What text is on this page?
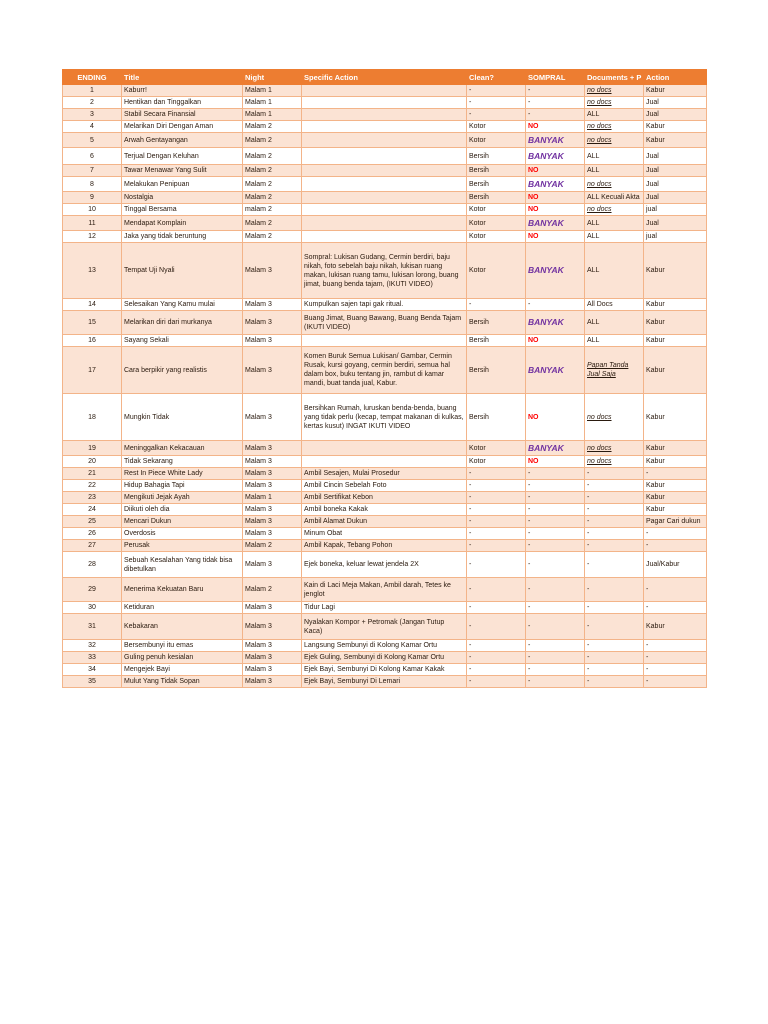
ENDING	Title	Night	Specific Action	Clean?	SOMPRAL	Documents + P	Action
1	Kaburr!	Malam 1		-	-	no docs	Kabur
2	Hentikan dan Tinggalkan	Malam 1		-	-	no docs	Jual
3	Stabil Secara Finansial	Malam 1		-	-	ALL	Jual
4	Melarikan Diri Dengan Aman	Malam 2		Kotor	NO	no docs	Kabur
5	Arwah Gentayangan	Malam 2		Kotor	BANYAK	no docs	Kabur
6	Terjual Dengan Keluhan	Malam 2		Bersih	BANYAK	ALL	Jual
7	Tawar Menawar Yang Sulit	Malam 2		Bersih	NO	ALL	Jual
8	Melakukan Penipuan	Malam 2		Bersih	BANYAK	no docs	Jual
9	Nostalgia	Malam 2		Bersih	NO	ALL Kecuali Akta	Jual
10	Tinggal Bersama	malam 2		Kotor	NO	no docs	jual
11	Mendapat Komplain	Malam 2		Kotor	BANYAK	ALL	Jual
12	Jaka yang tidak beruntung	Malam 2		Kotor	NO	ALL	jual
13	Tempat Uji Nyali	Malam 3	Sompral: Lukisan Gudang, Cermin berdiri, baju nikah, foto sebelah baju nikah, lukisan ruang makan, lukisan ruang tamu, lukisan lorong, buang jimat, buang benda tajam, (IKUTI VIDEO)	Kotor	BANYAK	ALL	Kabur
14	Selesaikan Yang Kamu mulai	Malam 3	Kumpulkan sajen tapi gak ritual.	-	-	All Docs	Kabur
15	Melarikan diri dari murkanya	Malam 3	Buang Jimat, Buang Bawang, Buang Benda Tajam (IKUTI VIDEO)	Bersih	BANYAK	ALL	Kabur
16	Sayang Sekali	Malam 3		Bersih	NO	ALL	Kabur
17	Cara berpikir yang realistis	Malam 3	Komen Buruk Semua Lukisan/ Gambar, Cermin Rusak, kursi goyang, cermin berdiri, semua hal dalam box, buku tentang jin, rambut di kamar mandi, buat tanda jual, Kabur.	Bersih	BANYAK	Papan Tanda Jual Saja	Kabur
18	Mungkin Tidak	Malam 3	Bersihkan Rumah, luruskan benda-benda, buang yang tidak perlu (kecap, tempat makanan di kulkas, kertas kusut) INGAT IKUTI VIDEO	Bersih	NO	no docs	Kabur
19	Meninggalkan Kekacauan	Malam 3		Kotor	BANYAK	no docs	Kabur
20	Tidak Sekarang	Malam 3		Kotor	NO	no docs	Kabur
21	Rest In Piece White Lady	Malam 3	Ambil Sesajen, Mulai Prosedur	-	-	-	-
22	Hidup Bahagia Tapi	Malam 3	Ambil Cincin Sebelah Foto	-	-	-	Kabur
23	Mengikuti Jejak Ayah	Malam 1	Ambil Sertifikat Kebon	-	-	-	Kabur
24	Diikuti oleh dia	Malam 3	Ambil boneka Kakak	-	-	-	Kabur
25	Mencari Dukun	Malam 3	Ambil Alamat Dukun	-	-	-	Pagar Cari dukun
26	Overdosis	Malam 3	Minum Obat	-	-	-	-
27	Perusak	Malam 2	Ambil Kapak, Tebang Pohon	-	-	-	-
28	Sebuah Kesalahan Yang tidak bisa dibetulkan	Malam 3	Ejek boneka, keluar lewat jendela 2X	-	-	-	Jual/Kabur
29	Menerima Kekuatan Baru	Malam 2	Kain di Laci Meja Makan, Ambil darah, Tetes ke jenglot	-	-	-	-
30	Ketiduran	Malam 3	Tidur Lagi	-	-	-	-
31	Kebakaran	Malam 3	Nyalakan Kompor + Petromak (Jangan Tutup Kaca)	-	-	-	Kabur
32	Bersembunyi itu emas	Malam 3	Langsung Sembunyi di Kolong Kamar Ortu	-	-	-	-
33	Guling penuh kesialan	Malam 3	Ejek Guling, Sembunyi di Kolong Kamar Ortu	-	-	-	-
34	Mengejek Bayi	Malam 3	Ejek Bayi, Sembunyi Di Kolong Kamar Kakak	-	-	-	-
35	Mulut Yang Tidak Sopan	Malam 3	Ejek Bayi, Sembunyi Di Lemari	-	-	-	-
